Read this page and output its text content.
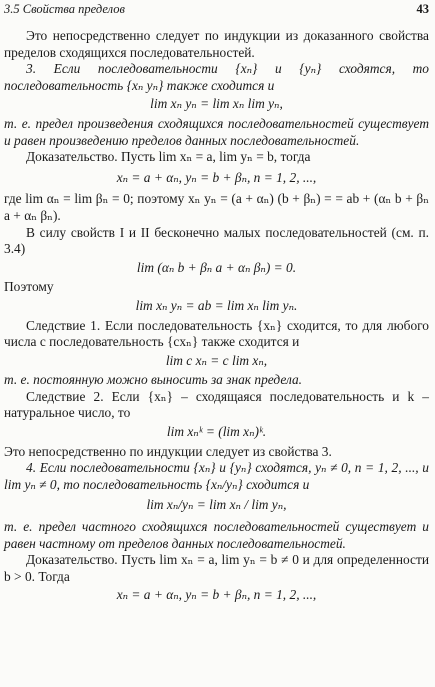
3.5 Свойства пределов	43

Это непосредственно следует по индукции из доказанного свойства пределов сходящихся последовательностей.

3. Если последовательности {xₙ} и {yₙ} сходятся, то последовательность {xₙ yₙ} также сходится и

lim xₙ yₙ = lim xₙ lim yₙ,

т. е. предел произведения сходящихся последовательностей существует и равен произведению пределов данных последовательностей.

Доказательство. Пусть lim xₙ = a, lim yₙ = b, тогда

xₙ = a + αₙ, yₙ = b + βₙ, n = 1, 2, ...,

где lim αₙ = lim βₙ = 0; поэтому xₙ yₙ = (a + αₙ) (b + βₙ) = = ab + (αₙ b + βₙ a + αₙ βₙ).

В силу свойств I и II бесконечно малых последовательностей (см. п. 3.4)

lim (αₙ b + βₙ a + αₙ βₙ) = 0.

Поэтому

lim xₙ yₙ = ab = lim xₙ lim yₙ.

Следствие 1. Если последовательность {xₙ} сходится, то для любого числа c последовательность {cxₙ} также сходится и

lim c xₙ = c lim xₙ,

т. е. постоянную можно выносить за знак предела.

Следствие 2. Если {xₙ} – сходящаяся последовательность и k – натуральное число, то

lim xₙᵏ = (lim xₙ)ᵏ.

Это непосредственно по индукции следует из свойства 3.

4. Если последовательности {xₙ} и {yₙ} сходятся, yₙ ≠ 0, n = 1, 2, ..., и lim yₙ ≠ 0, то последовательность {xₙ/yₙ} сходится и

lim xₙ/yₙ = lim xₙ / lim yₙ,

т. е. предел частного сходящихся последовательностей существует и равен частному от пределов данных последовательностей.

Доказательство. Пусть lim xₙ = a, lim yₙ = b ≠ 0 и для определенности b > 0. Тогда

xₙ = a + αₙ, yₙ = b + βₙ, n = 1, 2, ...,
